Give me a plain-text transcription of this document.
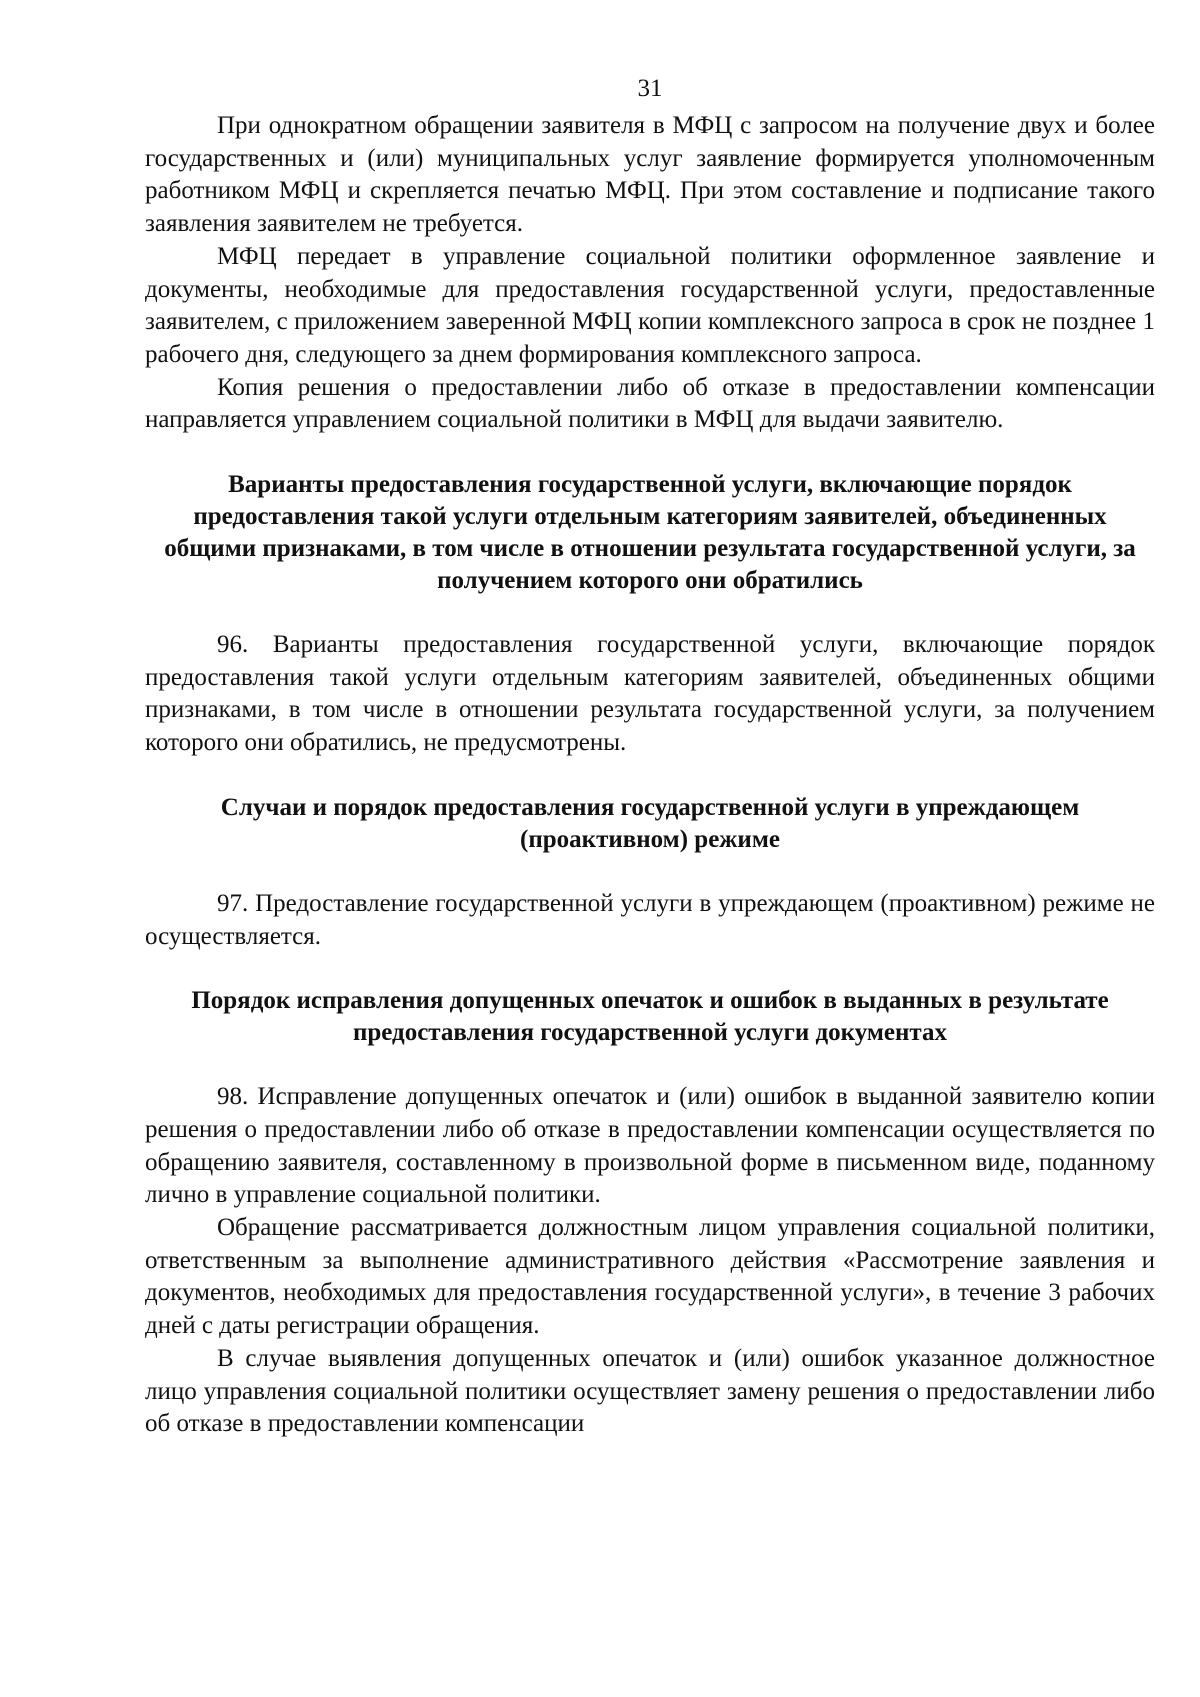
31

При однократном обращении заявителя в МФЦ с запросом на получение двух и более государственных и (или) муниципальных услуг заявление формируется уполномоченным работником МФЦ и скрепляется печатью МФЦ. При этом составление и подписание такого заявления заявителем не требуется.

МФЦ передает в управление социальной политики оформленное заявление и документы, необходимые для предоставления государственной услуги, предоставленные заявителем, с приложением заверенной МФЦ копии комплексного запроса в срок не позднее 1 рабочего дня, следующего за днем формирования комплексного запроса.

Копия решения о предоставлении либо об отказе в предоставлении компенсации направляется управлением социальной политики в МФЦ для выдачи заявителю.

Варианты предоставления государственной услуги, включающие порядок предоставления такой услуги отдельным категориям заявителей, объединенных общими признаками, в том числе в отношении результата государственной услуги, за получением которого они обратились

96. Варианты предоставления государственной услуги, включающие порядок предоставления такой услуги отдельным категориям заявителей, объединенных общими признаками, в том числе в отношении результата государственной услуги, за получением которого они обратились, не предусмотрены.

Случаи и порядок предоставления государственной услуги в упреждающем (проактивном) режиме

97. Предоставление государственной услуги в упреждающем (проактивном) режиме не осуществляется.

Порядок исправления допущенных опечаток и ошибок в выданных в результате предоставления государственной услуги документах

98. Исправление допущенных опечаток и (или) ошибок в выданной заявителю копии решения о предоставлении либо об отказе в предоставлении компенсации осуществляется по обращению заявителя, составленному в произвольной форме в письменном виде, поданному лично в управление социальной политики.

Обращение рассматривается должностным лицом управления социальной политики, ответственным за выполнение административного действия «Рассмотрение заявления и документов, необходимых для предоставления государственной услуги», в течение 3 рабочих дней с даты регистрации обращения.

В случае выявления допущенных опечаток и (или) ошибок указанное должностное лицо управления социальной политики осуществляет замену решения о предоставлении либо об отказе в предоставлении компенсации
